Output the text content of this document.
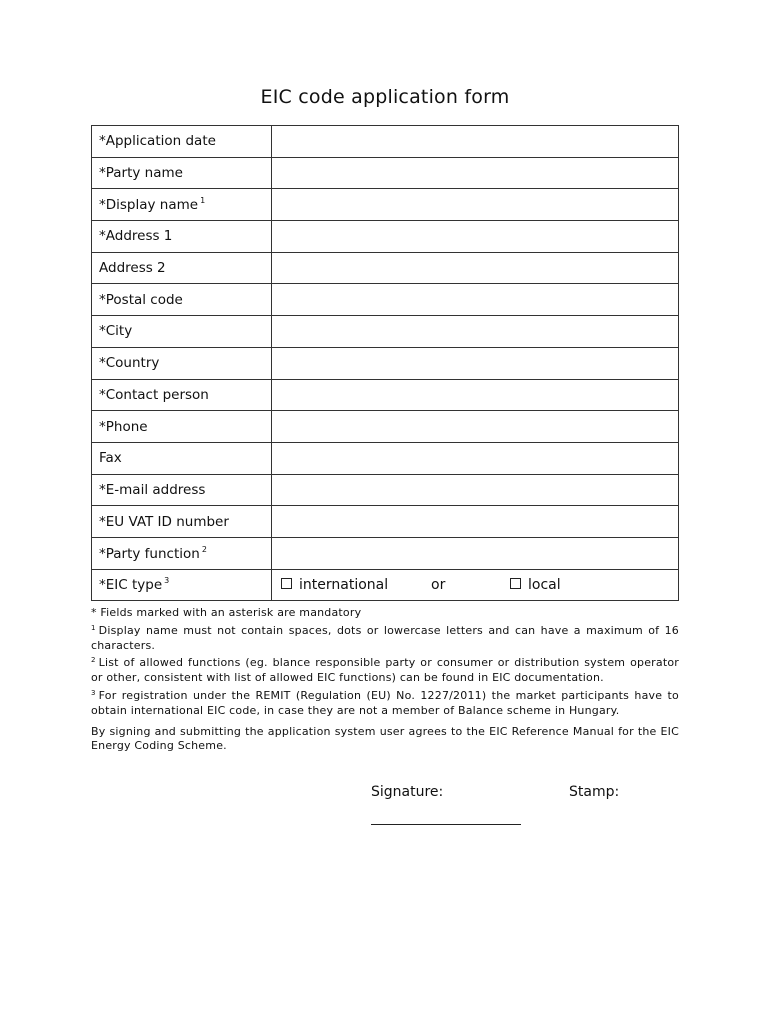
EIC code application form
*Application date	
*Party name	
*Display name $^1$	
*Address 1	
Address 2	
*Postal code	
*City	
*Country	
*Contact person	
*Phone	
Fax	
*E-mail address	
*EU VAT ID number	
*Party function $^2$	
*EIC type $^3$	international or local

* Fields marked with an asterisk are mandatory

$^1$ Display name must not contain spaces, dots or lowercase letters and can have a maximum of 16 characters.

$^2$ List of allowed functions (eg. blance responsible party or consumer or distribution system operator or other, consistent with list of allowed EIC functions) can be found in EIC documentation.

$^3$ For registration under the REMIT (Regulation (EU) No. 1227/2011) the market participants have to obtain international EIC code, in case they are not a member of Balance scheme in Hungary.

By signing and submitting the application system user agrees to the EIC Reference Manual for the EIC Energy Coding Scheme.

Signature:	Stamp:
